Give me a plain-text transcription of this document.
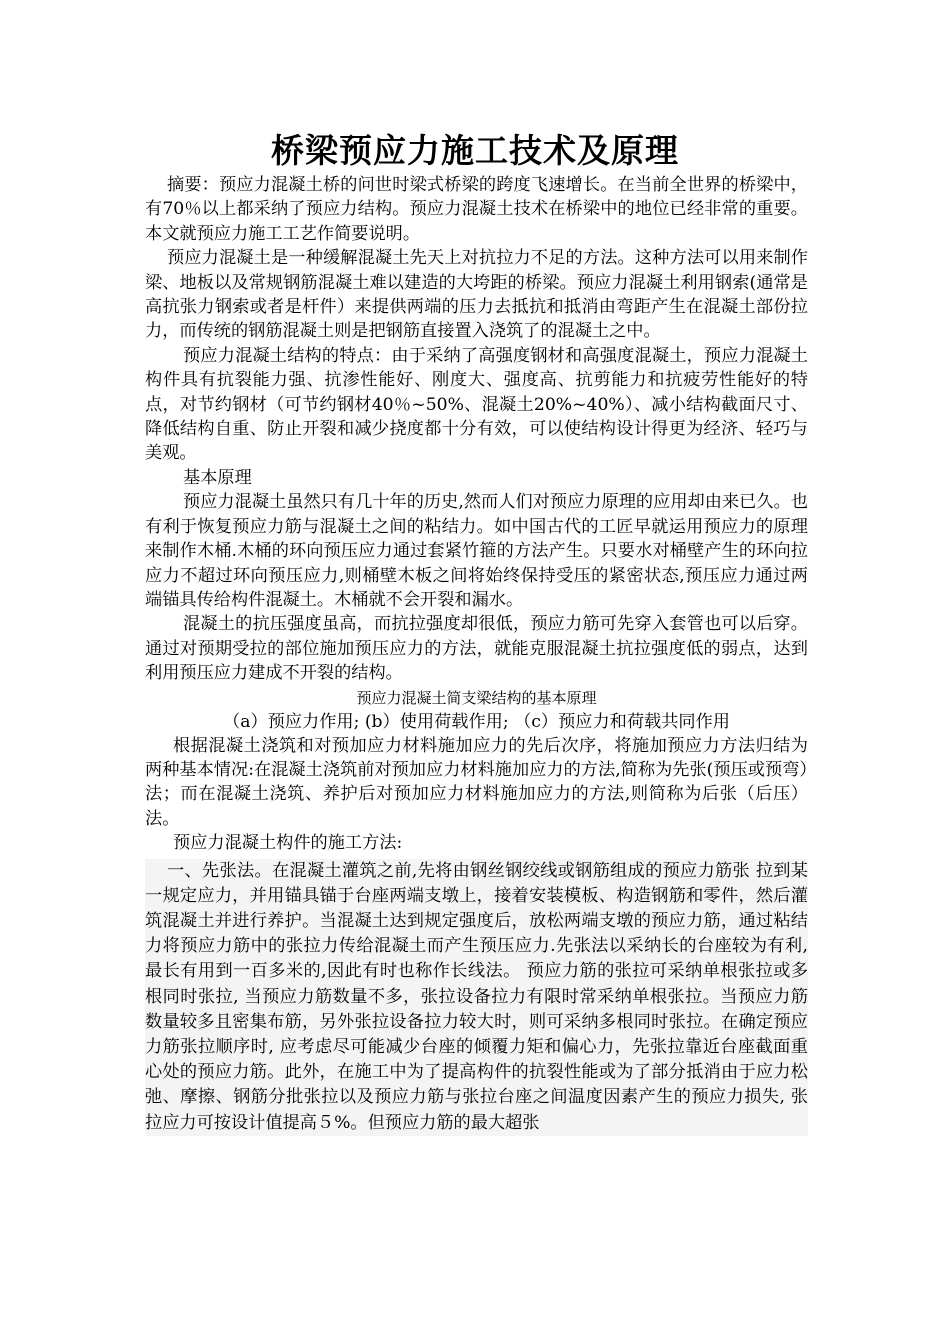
桥梁预应力施工技术及原理

摘要：预应力混凝土桥的问世时梁式桥梁的跨度飞速增长。在当前全世界的桥梁中，有70％以上都采纳了预应力结构。预应力混凝土技术在桥梁中的地位已经非常的重要。本文就预应力施工工艺作简要说明。

预应力混凝土是一种缓解混凝土先天上对抗拉力不足的方法。这种方法可以用来制作梁、地板以及常规钢筋混凝土难以建造的大垮距的桥梁。预应力混凝土利用钢索(通常是高抗张力钢索或者是杆件）来提供两端的压力去抵抗和抵消由弯距产生在混凝土部份拉力，而传统的钢筋混凝土则是把钢筋直接置入浇筑了的混凝土之中。

预应力混凝土结构的特点：由于采纳了高强度钢材和高强度混凝土，预应力混凝土构件具有抗裂能力强、抗渗性能好、刚度大、强度高、抗剪能力和抗疲劳性能好的特点，对节约钢材（可节约钢材40％~50%、混凝土20%~40%）、减小结构截面尺寸、降低结构自重、防止开裂和减少挠度都十分有效，可以使结构设计得更为经济、轻巧与美观。

基本原理

预应力混凝土虽然只有几十年的历史,然而人们对预应力原理的应用却由来已久。也有利于恢复预应力筋与混凝土之间的粘结力。如中国古代的工匠早就运用预应力的原理来制作木桶.木桶的环向预压应力通过套紧竹箍的方法产生。只要水对桶壁产生的环向拉应力不超过环向预压应力,则桶壁木板之间将始终保持受压的紧密状态,预压应力通过两端锚具传给构件混凝土。木桶就不会开裂和漏水。

混凝土的抗压强度虽高，而抗拉强度却很低，预应力筋可先穿入套管也可以后穿。通过对预期受拉的部位施加预压应力的方法，就能克服混凝土抗拉强度低的弱点，达到利用预压应力建成不开裂的结构。

预应力混凝土简支梁结构的基本原理

（a）预应力作用; (b）使用荷载作用; （c）预应力和荷载共同作用

根据混凝土浇筑和对预加应力材料施加应力的先后次序，将施加预应力方法归结为两种基本情况:在混凝土浇筑前对预加应力材料施加应力的方法,简称为先张(预压或预弯）法；而在混凝土浇筑、养护后对预加应力材料施加应力的方法,则简称为后张（后压）法。

预应力混凝土构件的施工方法:

一、先张法。在混凝土灌筑之前,先将由钢丝钢绞线或钢筋组成的预应力筋张 拉到某一规定应力，并用锚具锚于台座两端支墩上，接着安装模板、构造钢筋和零件，然后灌筑混凝土并进行养护。当混凝土达到规定强度后，放松两端支墩的预应力筋，通过粘结力将预应力筋中的张拉力传给混凝土而产生预压应力.先张法以采纳长的台座较为有利,最长有用到一百多米的,因此有时也称作长线法。 预应力筋的张拉可采纳单根张拉或多根同时张拉, 当预应力筋数量不多，张拉设备拉力有限时常采纳单根张拉。当预应力筋数量较多且密集布筋，另外张拉设备拉力较大时，则可采纳多根同时张拉。在确定预应力筋张拉顺序时, 应考虑尽可能减少台座的倾覆力矩和偏心力，先张拉靠近台座截面重心处的预应力筋。此外，在施工中为了提高构件的抗裂性能或为了部分抵消由于应力松弛、摩擦、钢筋分批张拉以及预应力筋与张拉台座之间温度因素产生的预应力损失, 张拉应力可按设计值提高５%。但预应力筋的最大超张
